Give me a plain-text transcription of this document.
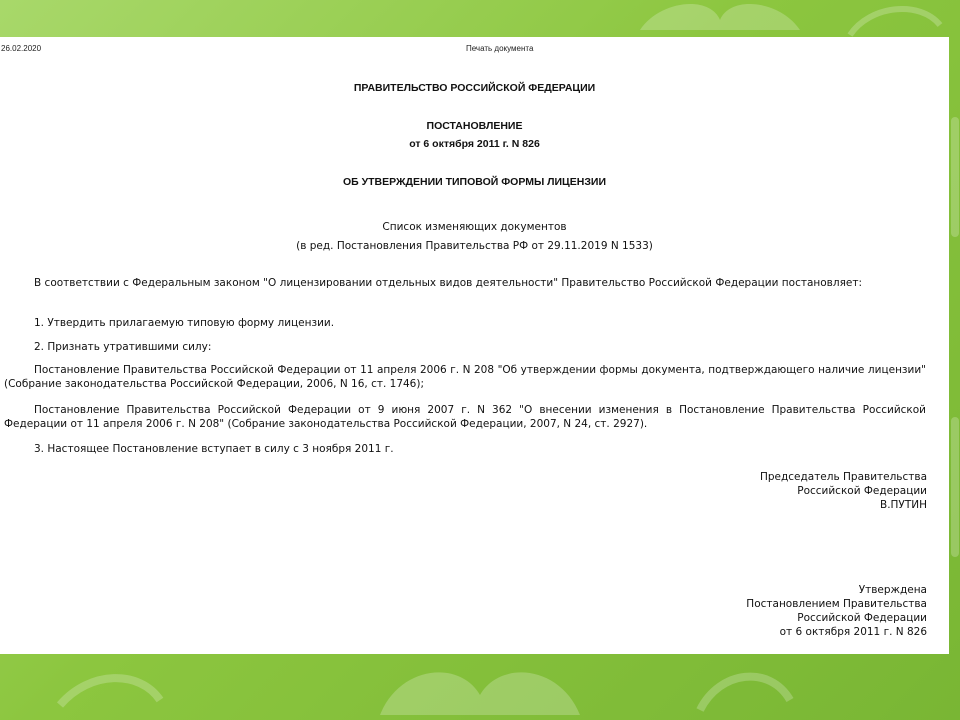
26.02.2020	Печать документа
ПРАВИТЕЛЬСТВО РОССИЙСКОЙ ФЕДЕРАЦИИ
ПОСТАНОВЛЕНИЕ
от 6 октября 2011 г. N 826
ОБ УТВЕРЖДЕНИИ ТИПОВОЙ ФОРМЫ ЛИЦЕНЗИИ
Список изменяющих документов
(в ред. Постановления Правительства РФ от 29.11.2019 N 1533)
В соответствии с Федеральным законом "О лицензировании отдельных видов деятельности" Правительство Российской Федерации постановляет:
1. Утвердить прилагаемую типовую форму лицензии.
2. Признать утратившими силу:
Постановление Правительства Российской Федерации от 11 апреля 2006 г. N 208 "Об утверждении формы документа, подтверждающего наличие лицензии" (Собрание законодательства Российской Федерации, 2006, N 16, ст. 1746);
Постановление Правительства Российской Федерации от 9 июня 2007 г. N 362 "О внесении изменения в Постановление Правительства Российской Федерации от 11 апреля 2006 г. N 208" (Собрание законодательства Российской Федерации, 2007, N 24, ст. 2927).
3. Настоящее Постановление вступает в силу с 3 ноября 2011 г.
Председатель Правительства
Российской Федерации
В.ПУТИН
Утверждена
Постановлением Правительства
Российской Федерации
от 6 октября 2011 г. N 826
